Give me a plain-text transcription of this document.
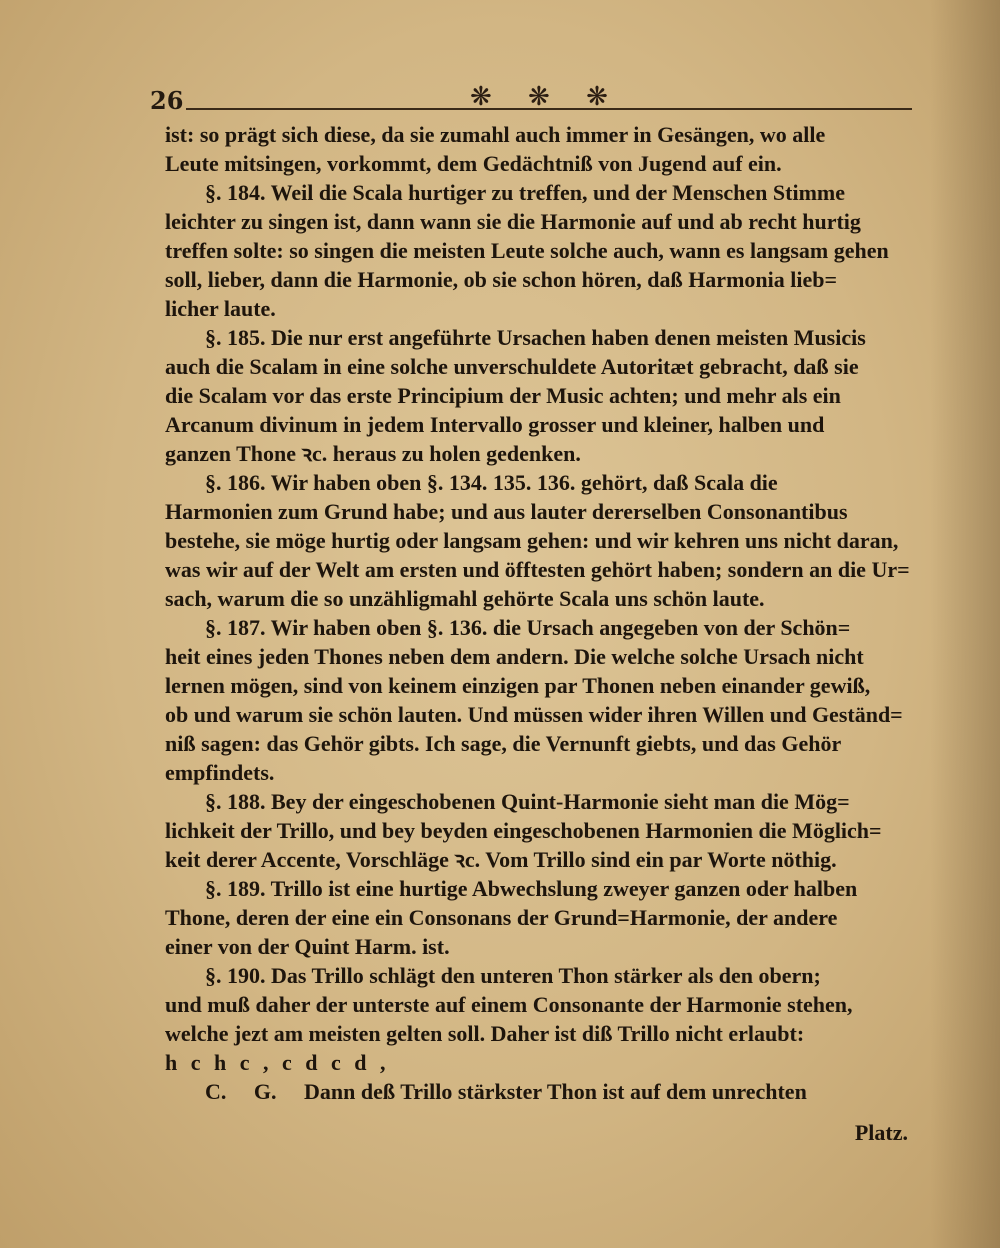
26	❋ ❋ ❋
ist: so prägt sich diese, da sie zumahl auch immer in Gesängen, wo alle
Leute mitsingen, vorkommt, dem Gedächtniß von Jugend auf ein.
§. 184. Weil die Scala hurtiger zu treffen, und der Menschen Stimme
leichter zu singen ist, dann wann sie die Harmonie auf und ab recht hurtig
treffen solte: so singen die meisten Leute solche auch, wann es langsam gehen
soll, lieber, dann die Harmonie, ob sie schon hören, daß Harmonia lieb=
licher laute.
§. 185. Die nur erst angeführte Ursachen haben denen meisten Musicis
auch die Scalam in eine solche unverschuldete Autoritæt gebracht, daß sie
die Scalam vor das erste Principium der Music achten; und mehr als ein
Arcanum divinum in jedem Intervallo grosser und kleiner, halben und
ganzen Thone ꝛc. heraus zu holen gedenken.
§. 186. Wir haben oben §. 134. 135. 136. gehört, daß Scala die
Harmonien zum Grund habe; und aus lauter dererselben Consonantibus
bestehe, sie möge hurtig oder langsam gehen: und wir kehren uns nicht daran,
was wir auf der Welt am ersten und öfftesten gehört haben; sondern an die Ur=
sach, warum die so unzähligmahl gehörte Scala uns schön laute.
§. 187. Wir haben oben §. 136. die Ursach angegeben von der Schön=
heit eines jeden Thones neben dem andern. Die welche solche Ursach nicht
lernen mögen, sind von keinem einzigen par Thonen neben einander gewiß,
ob und warum sie schön lauten. Und müssen wider ihren Willen und Geständ=
niß sagen: das Gehör gibts. Ich sage, die Vernunft giebts, und das Gehör
empfindets.
§. 188. Bey der eingeschobenen Quint-Harmonie sieht man die Mög=
lichkeit der Trillo, und bey beyden eingeschobenen Harmonien die Möglich=
keit derer Accente, Vorschläge ꝛc. Vom Trillo sind ein par Worte nöthig.
§. 189. Trillo ist eine hurtige Abwechslung zweyer ganzen oder halben
Thone, deren der eine ein Consonans der Grund=Harmonie, der andere
einer von der Quint Harm. ist.
§. 190. Das Trillo schlägt den unteren Thon stärker als den obern;
und muß daher der unterste auf einem Consonante der Harmonie stehen,
welche jezt am meisten gelten soll. Daher ist diß Trillo nicht erlaubt:
h c h c , c d c d ,
C.     G.     Dann deß Trillo stärkster Thon ist auf dem unrechten
Platz.
